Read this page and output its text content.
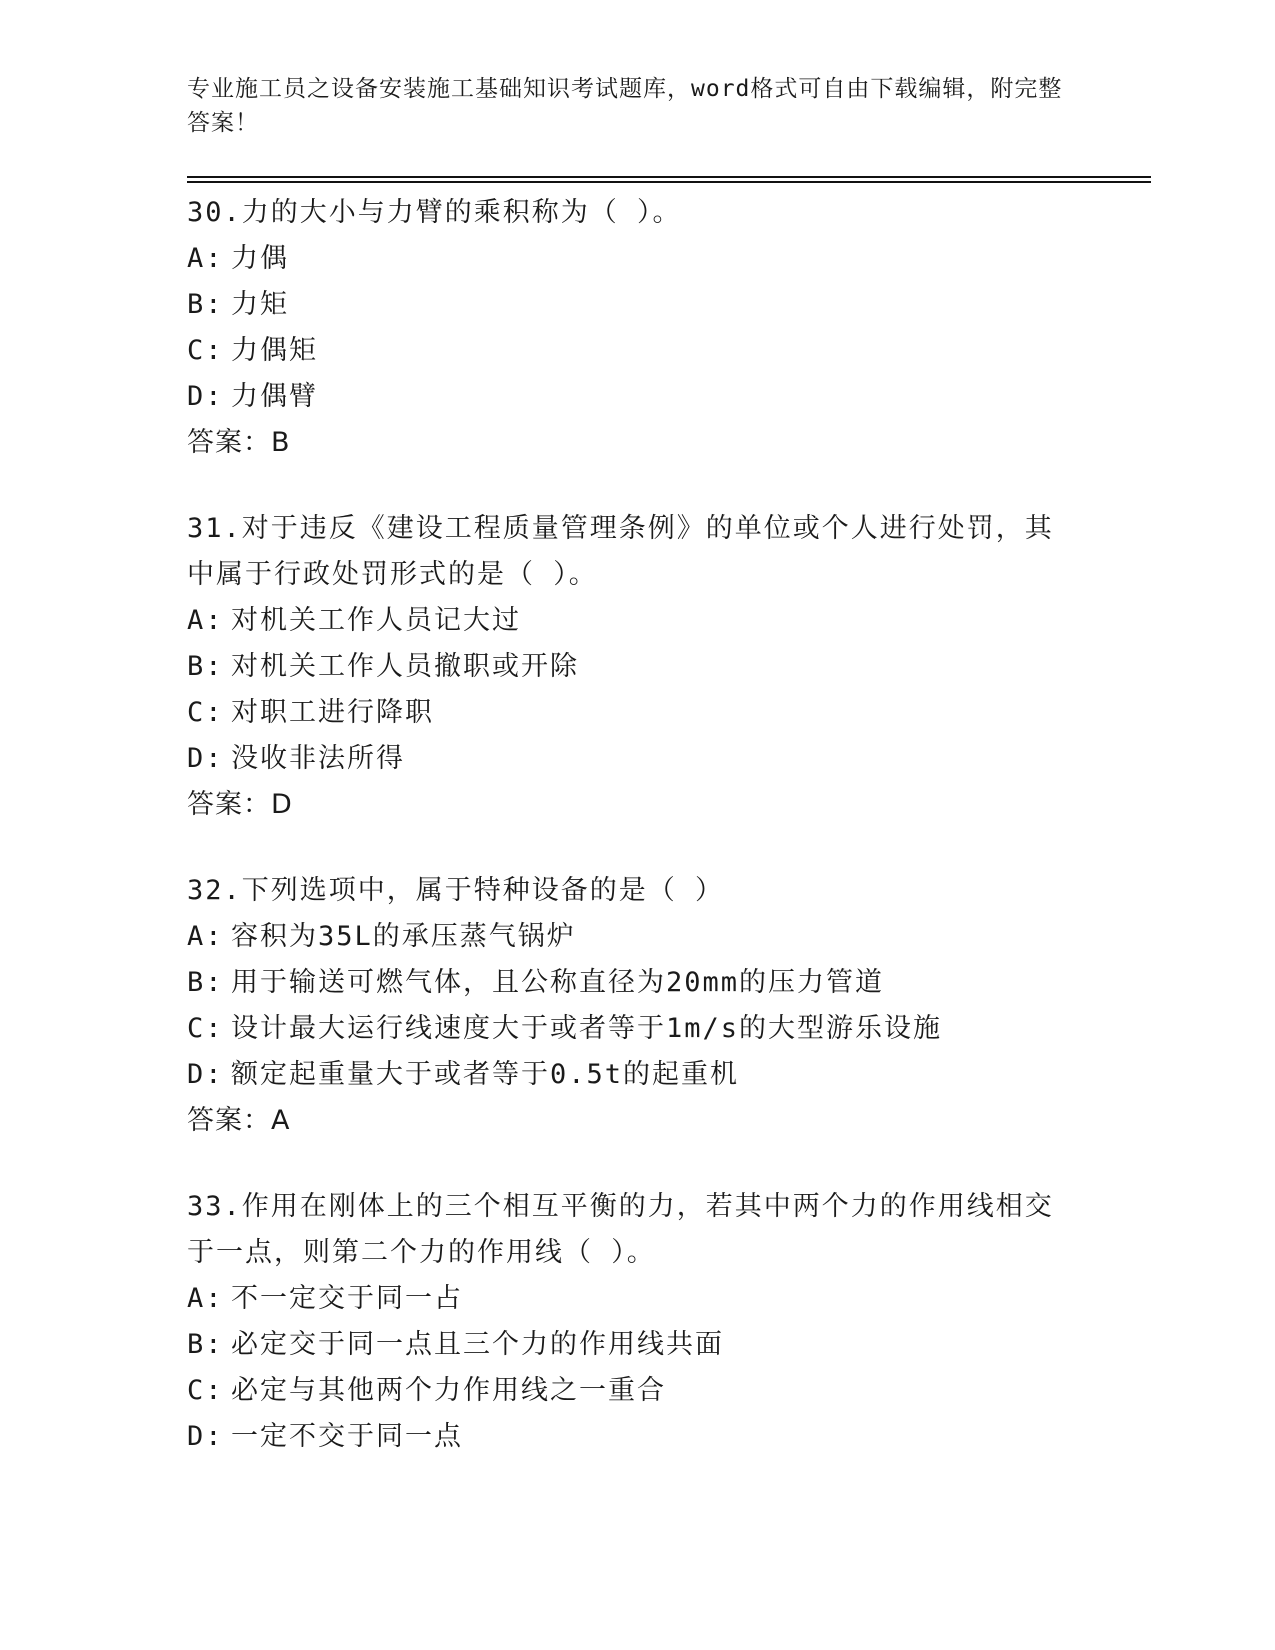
专业施工员之设备安装施工基础知识考试题库，word格式可自由下载编辑，附完整答案！

30.力的大小与力臂的乘积称为（ ）。

A: 力偶
B: 力矩
C: 力偶矩
D: 力偶臂

答案：B

31.对于违反《建设工程质量管理条例》的单位或个人进行处罚，其中属于行政处罚形式的是（ ）。

A: 对机关工作人员记大过
B: 对机关工作人员撤职或开除
C: 对职工进行降职
D: 没收非法所得

答案：D

32.下列选项中，属于特种设备的是（ ）

A: 容积为35L的承压蒸气锅炉
B: 用于输送可燃气体，且公称直径为20mm的压力管道
C: 设计最大运行线速度大于或者等于1m/s的大型游乐设施
D: 额定起重量大于或者等于0.5t的起重机

答案：A

33.作用在刚体上的三个相互平衡的力，若其中两个力的作用线相交于一点，则第二个力的作用线（ ）。

A: 不一定交于同一占
B: 必定交于同一点且三个力的作用线共面
C: 必定与其他两个力作用线之一重合
D: 一定不交于同一点
